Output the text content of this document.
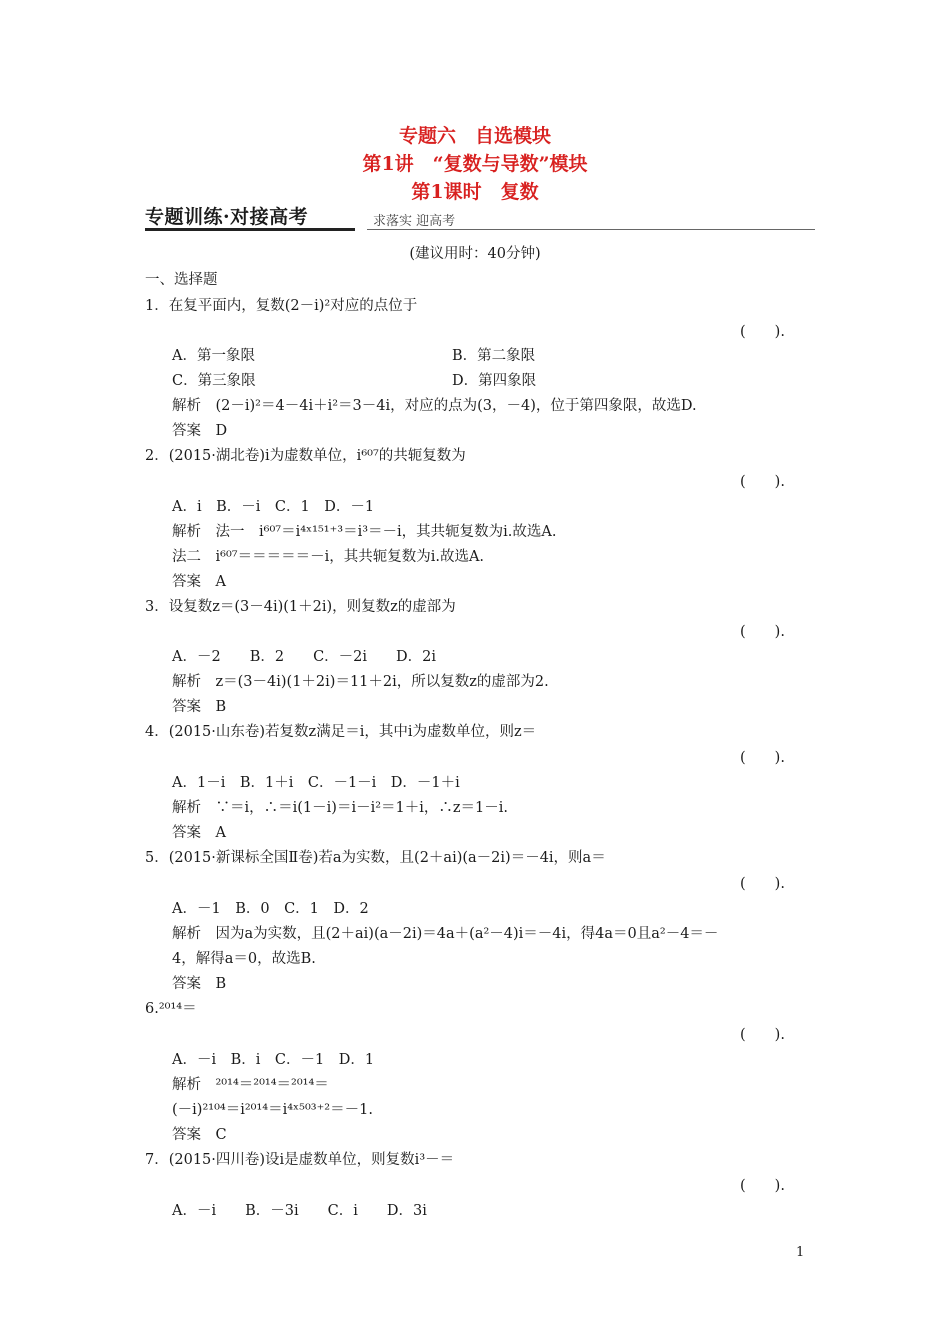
专题六　自选模块
第1讲　“复数与导数”模块
第1课时　复数
专题训练·对接高考	求落实 迎高考
(建议用时：40分钟)
一、选择题
1．在复平面内，复数(2－i)²对应的点位于
A．第一象限	B．第二象限
C．第三象限	D．第四象限
解析　(2－i)²＝4－4i＋i²＝3－4i，对应的点为(3，－4)，位于第四象限，故选D.
答案　D
2．(2015·湖北卷)i为虚数单位，i⁶⁰⁷的共轭复数为
A．i　B．－i　C．1　D．－1
解析　法一　i⁶⁰⁷＝i⁴ˣ¹⁵¹⁺³＝i³＝－i，其共轭复数为i.故选A.
法二　i⁶⁰⁷＝＝＝＝＝－i，其共轭复数为i.故选A.
答案　A
3．设复数z＝(3－4i)(1＋2i)，则复数z的虚部为
A．－2　　B．2　　C．－2i　　D．2i
解析　z＝(3－4i)(1＋2i)＝11＋2i，所以复数z的虚部为2.
答案　B
4．(2015·山东卷)若复数z满足＝i，其中i为虚数单位，则z＝
A．1－i　B．1＋i　C．－1－i　D．－1＋i
解析　∵＝i，∴＝i(1－i)＝i－i²＝1＋i，∴z＝1－i.
答案　A
5．(2015·新课标全国Ⅱ卷)若a为实数，且(2＋ai)(a－2i)＝－4i，则a＝
A．－1　B．0　C．1　D．2
解析　因为a为实数，且(2＋ai)(a－2i)＝4a＋(a²－4)i＝－4i，得4a＝0且a²－4＝－
4，解得a＝0，故选B.
答案　B
6.²⁰¹⁴＝
A．－i　B．i　C．－1　D．1
解析　²⁰¹⁴＝²⁰¹⁴＝²⁰¹⁴＝
(－i)²¹⁰⁴＝i²⁰¹⁴＝i⁴ˣ⁵⁰³⁺²＝－1.
答案　C
7．(2015·四川卷)设i是虚数单位，则复数i³－＝
A．－i　　B．－3i　　C．i　　D．3i
(　　).
(　　).
(　　).
(　　).
(　　).
(　　).
(　　).
1
